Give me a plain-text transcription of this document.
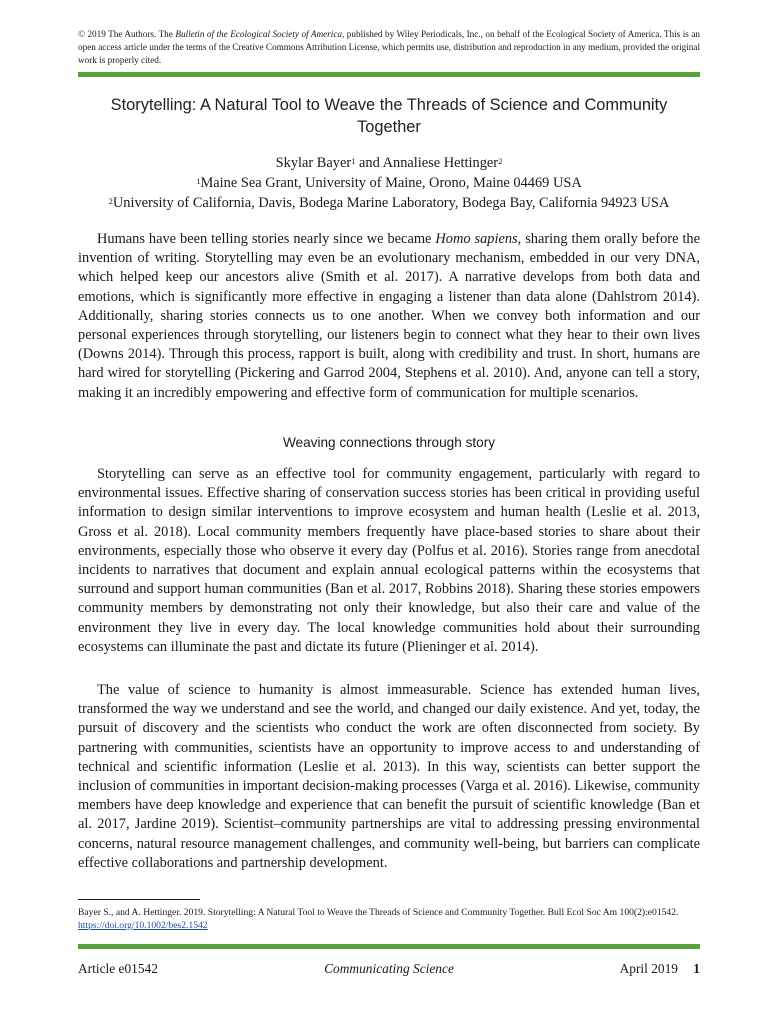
© 2019 The Authors. The Bulletin of the Ecological Society of America, published by Wiley Periodicals, Inc., on behalf of the Ecological Society of America. This is an open access article under the terms of the Creative Commons Attribution License, which permits use, distribution and reproduction in any medium, provided the original work is properly cited.
Storytelling: A Natural Tool to Weave the Threads of Science and Community Together
Skylar Bayer$^1$ and Annaliese Hettinger$^2$
$^1$Maine Sea Grant, University of Maine, Orono, Maine 04469 USA
$^2$University of California, Davis, Bodega Marine Laboratory, Bodega Bay, California 94923 USA

Humans have been telling stories nearly since we became Homo sapiens, sharing them orally before the invention of writing. Storytelling may even be an evolutionary mechanism, embedded in our very DNA, which helped keep our ancestors alive (Smith et al. 2017). A narrative develops from both data and emotions, which is significantly more effective in engaging a listener than data alone (Dahlstrom 2014). Additionally, sharing stories connects us to one another. When we convey both information and our personal experiences through storytelling, our listeners begin to connect what they hear to their own lives (Downs 2014). Through this process, rapport is built, along with credibility and trust. In short, humans are hard wired for storytelling (Pickering and Garrod 2004, Stephens et al. 2010). And, anyone can tell a story, making it an incredibly empowering and effective form of communication for multiple scenarios.

Weaving connections through story

Storytelling can serve as an effective tool for community engagement, particularly with regard to environmental issues. Effective sharing of conservation success stories has been critical in providing useful information to design similar interventions to improve ecosystem and human health (Leslie et al. 2013, Gross et al. 2018). Local community members frequently have place-based stories to share about their environments, especially those who observe it every day (Polfus et al. 2016). Stories range from anecdotal incidents to narratives that document and explain annual ecological patterns within the ecosystems that surround and support human communities (Ban et al. 2017, Robbins 2018). Sharing these stories empowers community members by demonstrating not only their knowledge, but also their care and value of the environment they live in every day. The local knowledge communities hold about their surrounding ecosystems can illuminate the past and dictate its future (Plieninger et al. 2014).

The value of science to humanity is almost immeasurable. Science has extended human lives, transformed the way we understand and see the world, and changed our daily existence. And yet, today, the pursuit of discovery and the scientists who conduct the work are often disconnected from society. By partnering with communities, scientists have an opportunity to improve access to and understanding of technical and scientific information (Leslie et al. 2013). In this way, scientists can better support the inclusion of communities in important decision-making processes (Varga et al. 2016). Likewise, community members have deep knowledge and experience that can benefit the pursuit of scientific knowledge (Ban et al. 2017, Jardine 2019). Scientist–community partnerships are vital to addressing pressing environmental concerns, natural resource management challenges, and community well-being, but barriers can complicate effective collaborations and partnership development.

Bayer S., and A. Hettinger. 2019. Storytelling: A Natural Tool to Weave the Threads of Science and Community Together. Bull Ecol Soc Am 100(2):e01542.
https://doi.org/10.1002/bes2.1542
Article e01542	Communicating Science	April 2019 1
